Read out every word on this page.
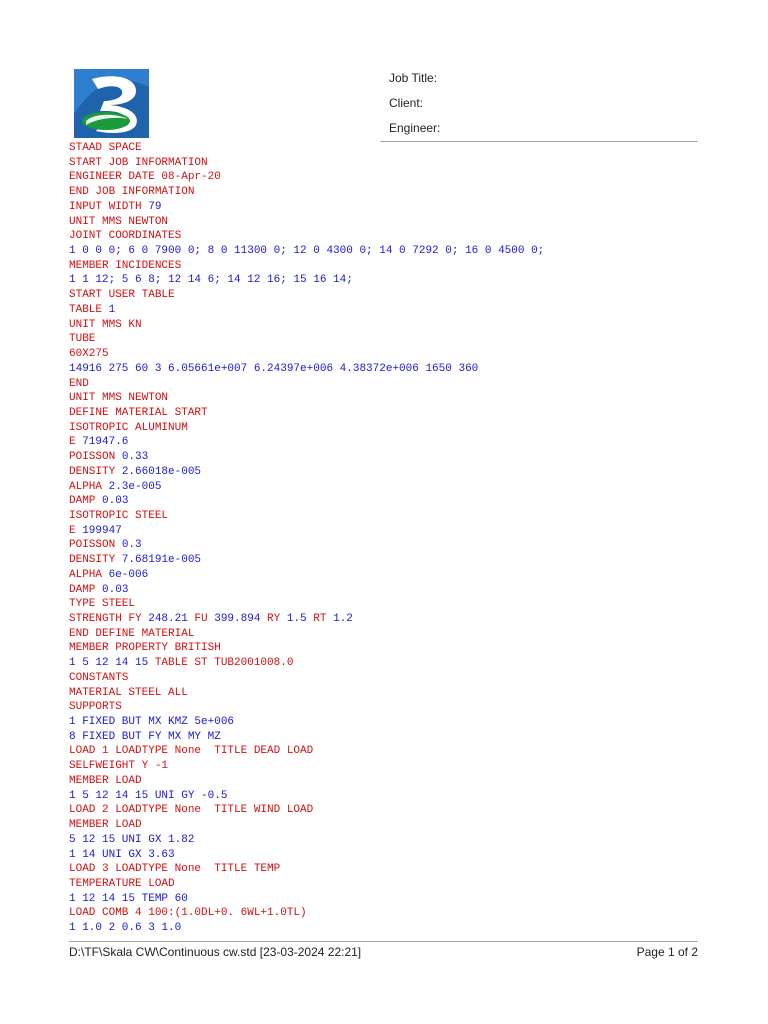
Job Title:
Client:
Engineer:
STAAD SPACE
START JOB INFORMATION
ENGINEER DATE 08-Apr-20
END JOB INFORMATION
INPUT WIDTH 79
UNIT MMS NEWTON
JOINT COORDINATES
1 0 0 0; 6 0 7900 0; 8 0 11300 0; 12 0 4300 0; 14 0 7292 0; 16 0 4500 0;
MEMBER INCIDENCES
1 1 12; 5 6 8; 12 14 6; 14 12 16; 15 16 14;
START USER TABLE
TABLE 1
UNIT MMS KN
TUBE
60X275
14916 275 60 3 6.05661e+007 6.24397e+006 4.38372e+006 1650 360
END
UNIT MMS NEWTON
DEFINE MATERIAL START
ISOTROPIC ALUMINUM
E 71947.6
POISSON 0.33
DENSITY 2.66018e-005
ALPHA 2.3e-005
DAMP 0.03
ISOTROPIC STEEL
E 199947
POISSON 0.3
DENSITY 7.68191e-005
ALPHA 6e-006
DAMP 0.03
TYPE STEEL
STRENGTH FY 248.21 FU 399.894 RY 1.5 RT 1.2
END DEFINE MATERIAL
MEMBER PROPERTY BRITISH
1 5 12 14 15 TABLE ST TUB2001008.0
CONSTANTS
MATERIAL STEEL ALL
SUPPORTS
1 FIXED BUT MX KMZ 5e+006
8 FIXED BUT FY MX MY MZ
LOAD 1 LOADTYPE None  TITLE DEAD LOAD
SELFWEIGHT Y -1
MEMBER LOAD
1 5 12 14 15 UNI GY -0.5
LOAD 2 LOADTYPE None  TITLE WIND LOAD
MEMBER LOAD
5 12 15 UNI GX 1.82
1 14 UNI GX 3.63
LOAD 3 LOADTYPE None  TITLE TEMP
TEMPERATURE LOAD
1 12 14 15 TEMP 60
LOAD COMB 4 100:(1.0DL+0. 6WL+1.0TL)
1 1.0 2 0.6 3 1.0
D:\TF\Skala CW\Continuous cw.std [23-03-2024 22:21]	Page 1 of 2
